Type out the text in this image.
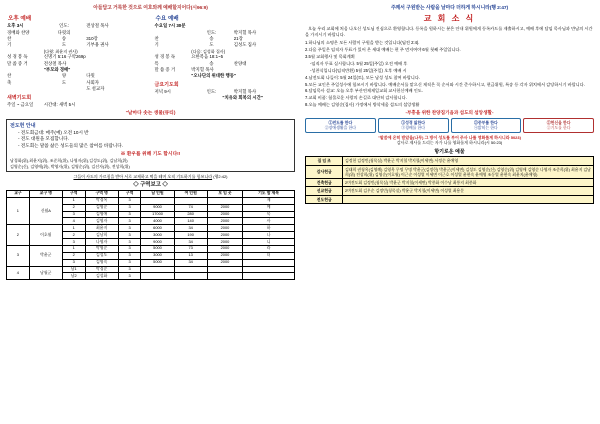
아들답고 거룩한 것으로 여호와께 예배할지어다(시96:9)
오후 예배
오후 3시	인도:	전상철 목사
경배와 찬양	다윗의	
찬	송	310장
기	도	기부용 권사
	(다윗: 최윤지 권사)	
성 경 봉 독	신명기 5:16 구약269p	
말 씀 증 거	전상철 목사	
	"부모와 경배"	
찬	양	다윗
축	도	사회자
		도 설교자
새벽기도회
주일 ~ 금요일	시간대: 새벽 5시
수요 예배
수요일 7시 30분		
	인도:	박지혈 목사
찬	송	21장
기	도	김성도 집사
	(다음: 김성화 집사)	
성 경 봉 독	요한복음 18:1~5	
특	송	찬양대
말 씀 증 거	박지혈 목사	
	"오나단의 위대한 행동"	
금요기도회
저녁 9시	인도:	박지혈 목사
	"치유와 회복의 시간"	
"날마다 솟는 생물(큐티)
전도헌 안내
- 전도회금대: 매주(예) 오전 10시 반
- 전도 대원을 모집합니다.
- 전도회는 말씀 삶은 성도들의 많은 참여를 바랍니다.
※ 환우를 위해 기도 합시다!!
남경화(위),최윤지(위), 조준희(위), 나영자(위),김성도(위), 김남희(위)
김영순(신), 김영애(위), 박영자(위), 김영순(위), 김선자(위), 전상희(위)
그들이 사도의 가르침을 받아 서로 교제하고 떡을 떼며 오직 기도하기를 힘쓰니라 (행2:42)
◇ 구역보고 ◇
교구	교구 명	구역	구역 명	구역	남 인원	여 인원	모 임 곳	기도 할 제목
1	신월A	1	박경옥	3				제
		2	김영순	3	9000	74	2000	예
		3	김영애	3	17000	280	2000	목
		4	김영자	3	4000	140	2000	사
2	이호월	1	최윤지	3	6000	34	2000	하
		2	김남희	3	3000	190	2000	나
		3	나영자	3	9000	34	2000	니
3	박윤군	1	박영순	3	5000	73	2000	라
		2	김성도	3	3000	13	2000	더
		3	김영숙	3	5000	34	2000	
4	남월군	남1	박경순	3				
		남2	김성화	3				
주께서 구원받는 사람을 날마다 더하게 하시니라(행 2:47)
교 회 소 식
오늘 우리 교회에 처음 나오신 성도님 진심으로 환영합니다. 등록을 원하시는 분은 안내 위원에게 등록카드를 제출하시고, 예배 후에 담임 목사님과 만남의 시간을 가지시기 바랍니다.
1.하나님의 소명은 모든 사람이 구원을 받는 것입니다(딤전 2:4).
2.다음 주일은 임직자 투표가 있어 온 세대 예배는 편 주 먼저여야 6월 첫째 주일입니다.
3.5월 교회행사 및 목회계획
-임직자 투표 실시합니다. 5월 25일(주일) 오전 예배 후
-성찬식입니다(임직반환) 5월 25일(주일) 오후 예배 시
4.남전도회 나들이: 5월 24일(토), 모든 남성 성도 참여 바랍니다.
5.모든 교인은 주일성수에 힘쓰시기 바랍니다. 예배순서를 맡으신 제직은 꼭 순서와 시간 준수하시고, 현금위원, 특송 등 각자 위치에서 감당하시기 바랍니다.
6.담임목사 설교: 오늘 오후 부산연제제일교회 교사헌신예배 인도.
7.교회 비품: 험물로운 사랑의 손길로 대단히 감사합니다.
8.오늘 예배는 김영순(집사) 가정에서 방삭세움 섬도의 섬앙생활
-부흥을 위한 찬양집기음과 섬도의 섬앙생활-
①전도를 한다
②장애생활을 한다
①성경 잃한다
③경배를 한다
②중부를 한다
④밝히는 한다
②헌신을 한다
②기도를 한다
"말씀에 온히 받았을(나무) 그 방이 성도를 부어 주사 나를 영화롭게 하시니라 5023)
감사로 제사를 드리는 자가 나를 영화롭게 하시니라(시 50:23)
항기로운 예물
집 임 조	김정헌 김정빈(청목실) 박윤군 박지혈 박지혈(이세면) 서정순 윤애영
감사헌금	김태희 권청옥(김영례) 김영옥 무명 무명 박윤군(김정헌) 박윤군(이세면) 김성도 김영순(신) 김영순(위) 김영애 김영순 나영자 조준희(위) 최윤지 김남희(위) 전상희(위) 김영순(이호월) 이근순 이성열 이세면 이근호 이성열 윤현숙 윤예영 조동열 윤현숙 최윤지(윤애영)
건축헌금	2며전도회 김정빈(청목실) 박윤군 박지혈(이세면) 박풍화 이수남 최풍지 최풍화
선교헌금	2며전도회 김우순 김정빈(청목실) 박윤군 박지혈(이세면) 이성열 최용문
전도헌금	
